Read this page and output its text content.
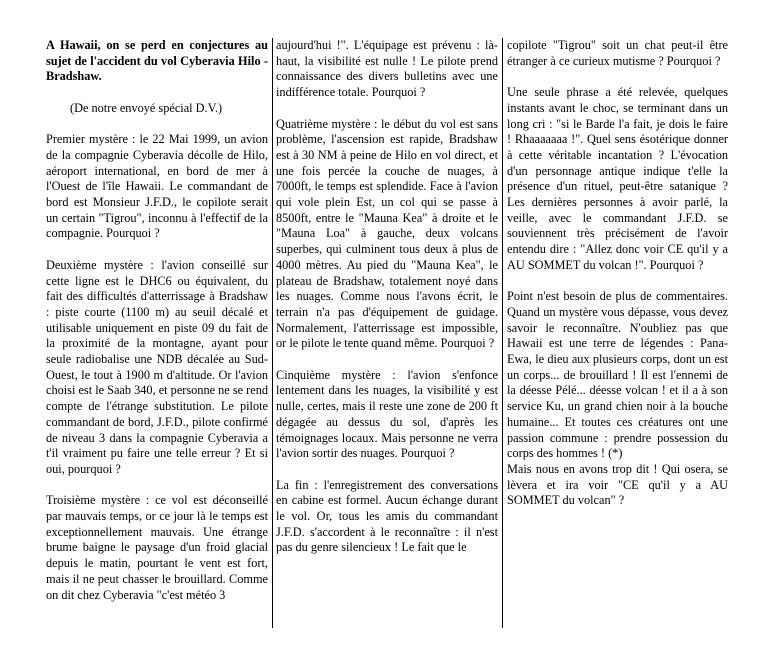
A Hawaii, on se perd en conjectures au sujet de l'accident du vol Cyberavia Hilo - Bradshaw.

(De notre envoyé spécial D.V.)

Premier mystère : le 22 Mai 1999, un avion de la compagnie Cyberavia décolle de Hilo, aéroport international, en bord de mer à l'Ouest de l'île Hawaii. Le commandant de bord est Monsieur J.F.D., le copilote serait un certain "Tigrou", inconnu à l'effectif de la compagnie. Pourquoi ?

Deuxième mystère : l'avion conseillé sur cette ligne est le DHC6 ou équivalent, du fait des difficultés d'atterrissage à Bradshaw : piste courte (1100 m) au seuil décalé et utilisable uniquement en piste 09 du fait de la proximité de la montagne, ayant pour seule radiobalise une NDB décalée au Sud-Ouest, le tout à 1900 m d'altitude. Or l'avion choisi est le Saab 340, et personne ne se rend compte de l'étrange substitution. Le pilote commandant de bord, J.F.D., pilote confirmé de niveau 3 dans la compagnie Cyberavia a t'il vraiment pu faire une telle erreur ? Et si oui, pourquoi ?

Troisième mystère : ce vol est déconseillé par mauvais temps, or ce jour là le temps est exceptionnellement mauvais. Une étrange brume baigne le paysage d'un froid glacial depuis le matin, pourtant le vent est fort, mais il ne peut chasser le brouillard. Comme on dit chez Cyberavia "c'est météo 3

aujourd'hui !". L'équipage est prévenu : là-haut, la visibilité est nulle ! Le pilote prend connaissance des divers bulletins avec une indifférence totale. Pourquoi ?

Quatrième mystère : le début du vol est sans problème, l'ascension est rapide, Bradshaw est à 30 NM à peine de Hilo en vol direct, et une fois percée la couche de nuages, à 7000ft, le temps est splendide. Face à l'avion qui vole plein Est, un col qui se passe à 8500ft, entre le "Mauna Kea" à droite et le "Mauna Loa" à gauche, deux volcans superbes, qui culminent tous deux à plus de 4000 mètres. Au pied du "Mauna Kea", le plateau de Bradshaw, totalement noyé dans les nuages. Comme nous l'avons écrit, le terrain n'a pas d'équipement de guidage. Normalement, l'atterrissage est impossible, or le pilote le tente quand même. Pourquoi ?

Cinquième mystère : l'avion s'enfonce lentement dans les nuages, la visibilité y est nulle, certes, mais il reste une zone de 200 ft dégagée au dessus du sol, d'après les témoignages locaux. Mais personne ne verra l'avion sortir des nuages. Pourquoi ?

La fin : l'enregistrement des conversations en cabine est formel. Aucun échange durant le vol. Or, tous les amis du commandant J.F.D. s'accordent à le reconnaître : il n'est pas du genre silencieux ! Le fait que le

copilote "Tigrou" soit un chat peut-il être étranger à ce curieux mutisme ? Pourquoi ?

Une seule phrase a été relevée, quelques instants avant le choc, se terminant dans un long cri : "si le Barde l'a fait, je dois le faire ! Rhaaaaaaa !". Quel sens ésotérique donner à cette véritable incantation ? L'évocation d'un personnage antique indique t'elle la présence d'un rituel, peut-être satanique ? Les dernières personnes à avoir parlé, la veille, avec le commandant J.F.D. se souviennent très précisément de l'avoir entendu dire : "Allez donc voir CE qu'il y a AU SOMMET du volcan !". Pourquoi ?

Point n'est besoin de plus de commentaires. Quand un mystère vous dépasse, vous devez savoir le reconnaître. N'oubliez pas que Hawaii est une terre de légendes : Pana-Ewa, le dieu aux plusieurs corps, dont un est un corps... de brouillard ! Il est l'ennemi de la déesse Pélé... déesse volcan ! et il a à son service Ku, un grand chien noir à la bouche humaine... Et toutes ces créatures ont une passion commune : prendre possession du corps des hommes ! (*)

Mais nous en avons trop dit ! Qui osera, se lèvera et ira voir "CE qu'il y a AU SOMMET du volcan" ?
